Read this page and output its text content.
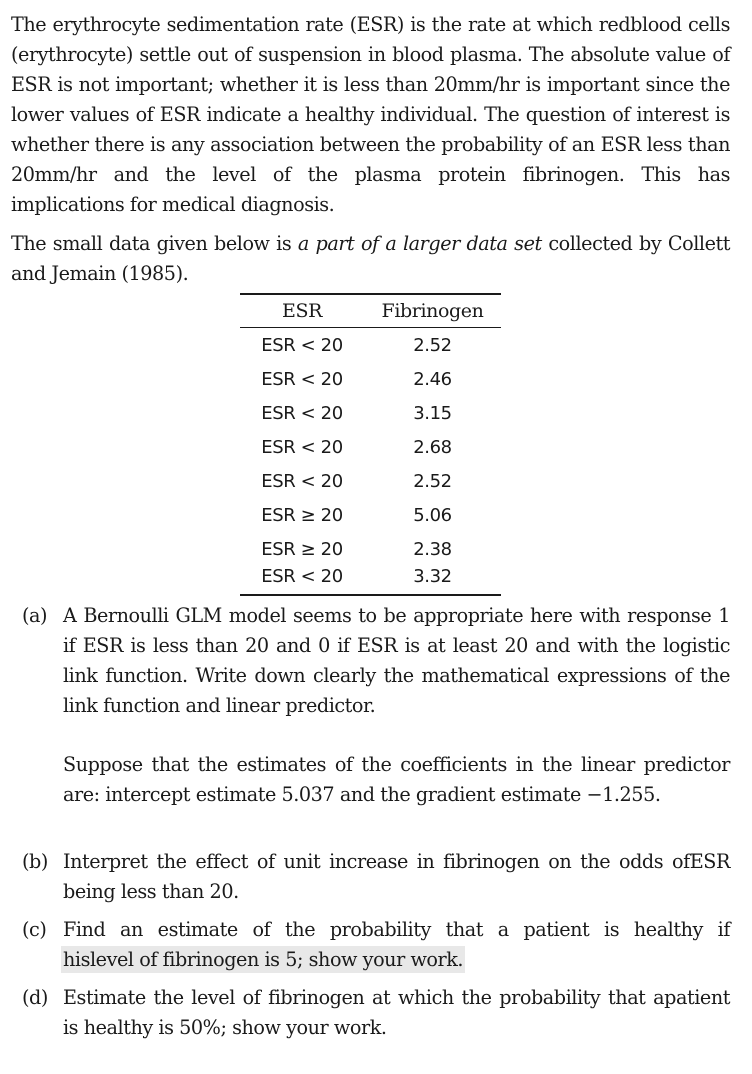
The erythrocyte sedimentation rate (ESR) is the rate at which redblood cells (erythrocyte) settle out of suspension in blood plasma. The absolute value of ESR is not important; whether it is less than 20mm/hr is important since the lower values of ESR indicate a healthy individual. The question of interest is whether there is any association between the probability of an ESR less than 20mm/hr and the level of the plasma protein fibrinogen. This has implications for medical diagnosis.

The small data given below is a part of a larger data set collected by Collett and Jemain (1985).

ESR	Fibrinogen
ESR < 20	2.52
ESR < 20	2.46
ESR < 20	3.15
ESR < 20	2.68
ESR < 20	2.52
ESR ≥ 20	5.06
ESR ≥ 20	2.38
ESR < 20	3.32
(a) A Bernoulli GLM model seems to be appropriate here with response 1 if ESR is less than 20 and 0 if ESR is at least 20 and with the logistic link function. Write down clearly the mathematical expressions of the link function and linear predictor.
Suppose that the estimates of the coefficients in the linear predictor are: intercept estimate 5.037 and the gradient estimate −1.255.
(b) Interpret the effect of unit increase in fibrinogen on the odds ofESR being less than 20.
(c) Find an estimate of the probability that a patient is healthy if
hislevel of fibrinogen is 5; show your work.
(d) Estimate the level of fibrinogen at which the probability that apatient is healthy is 50%; show your work.
